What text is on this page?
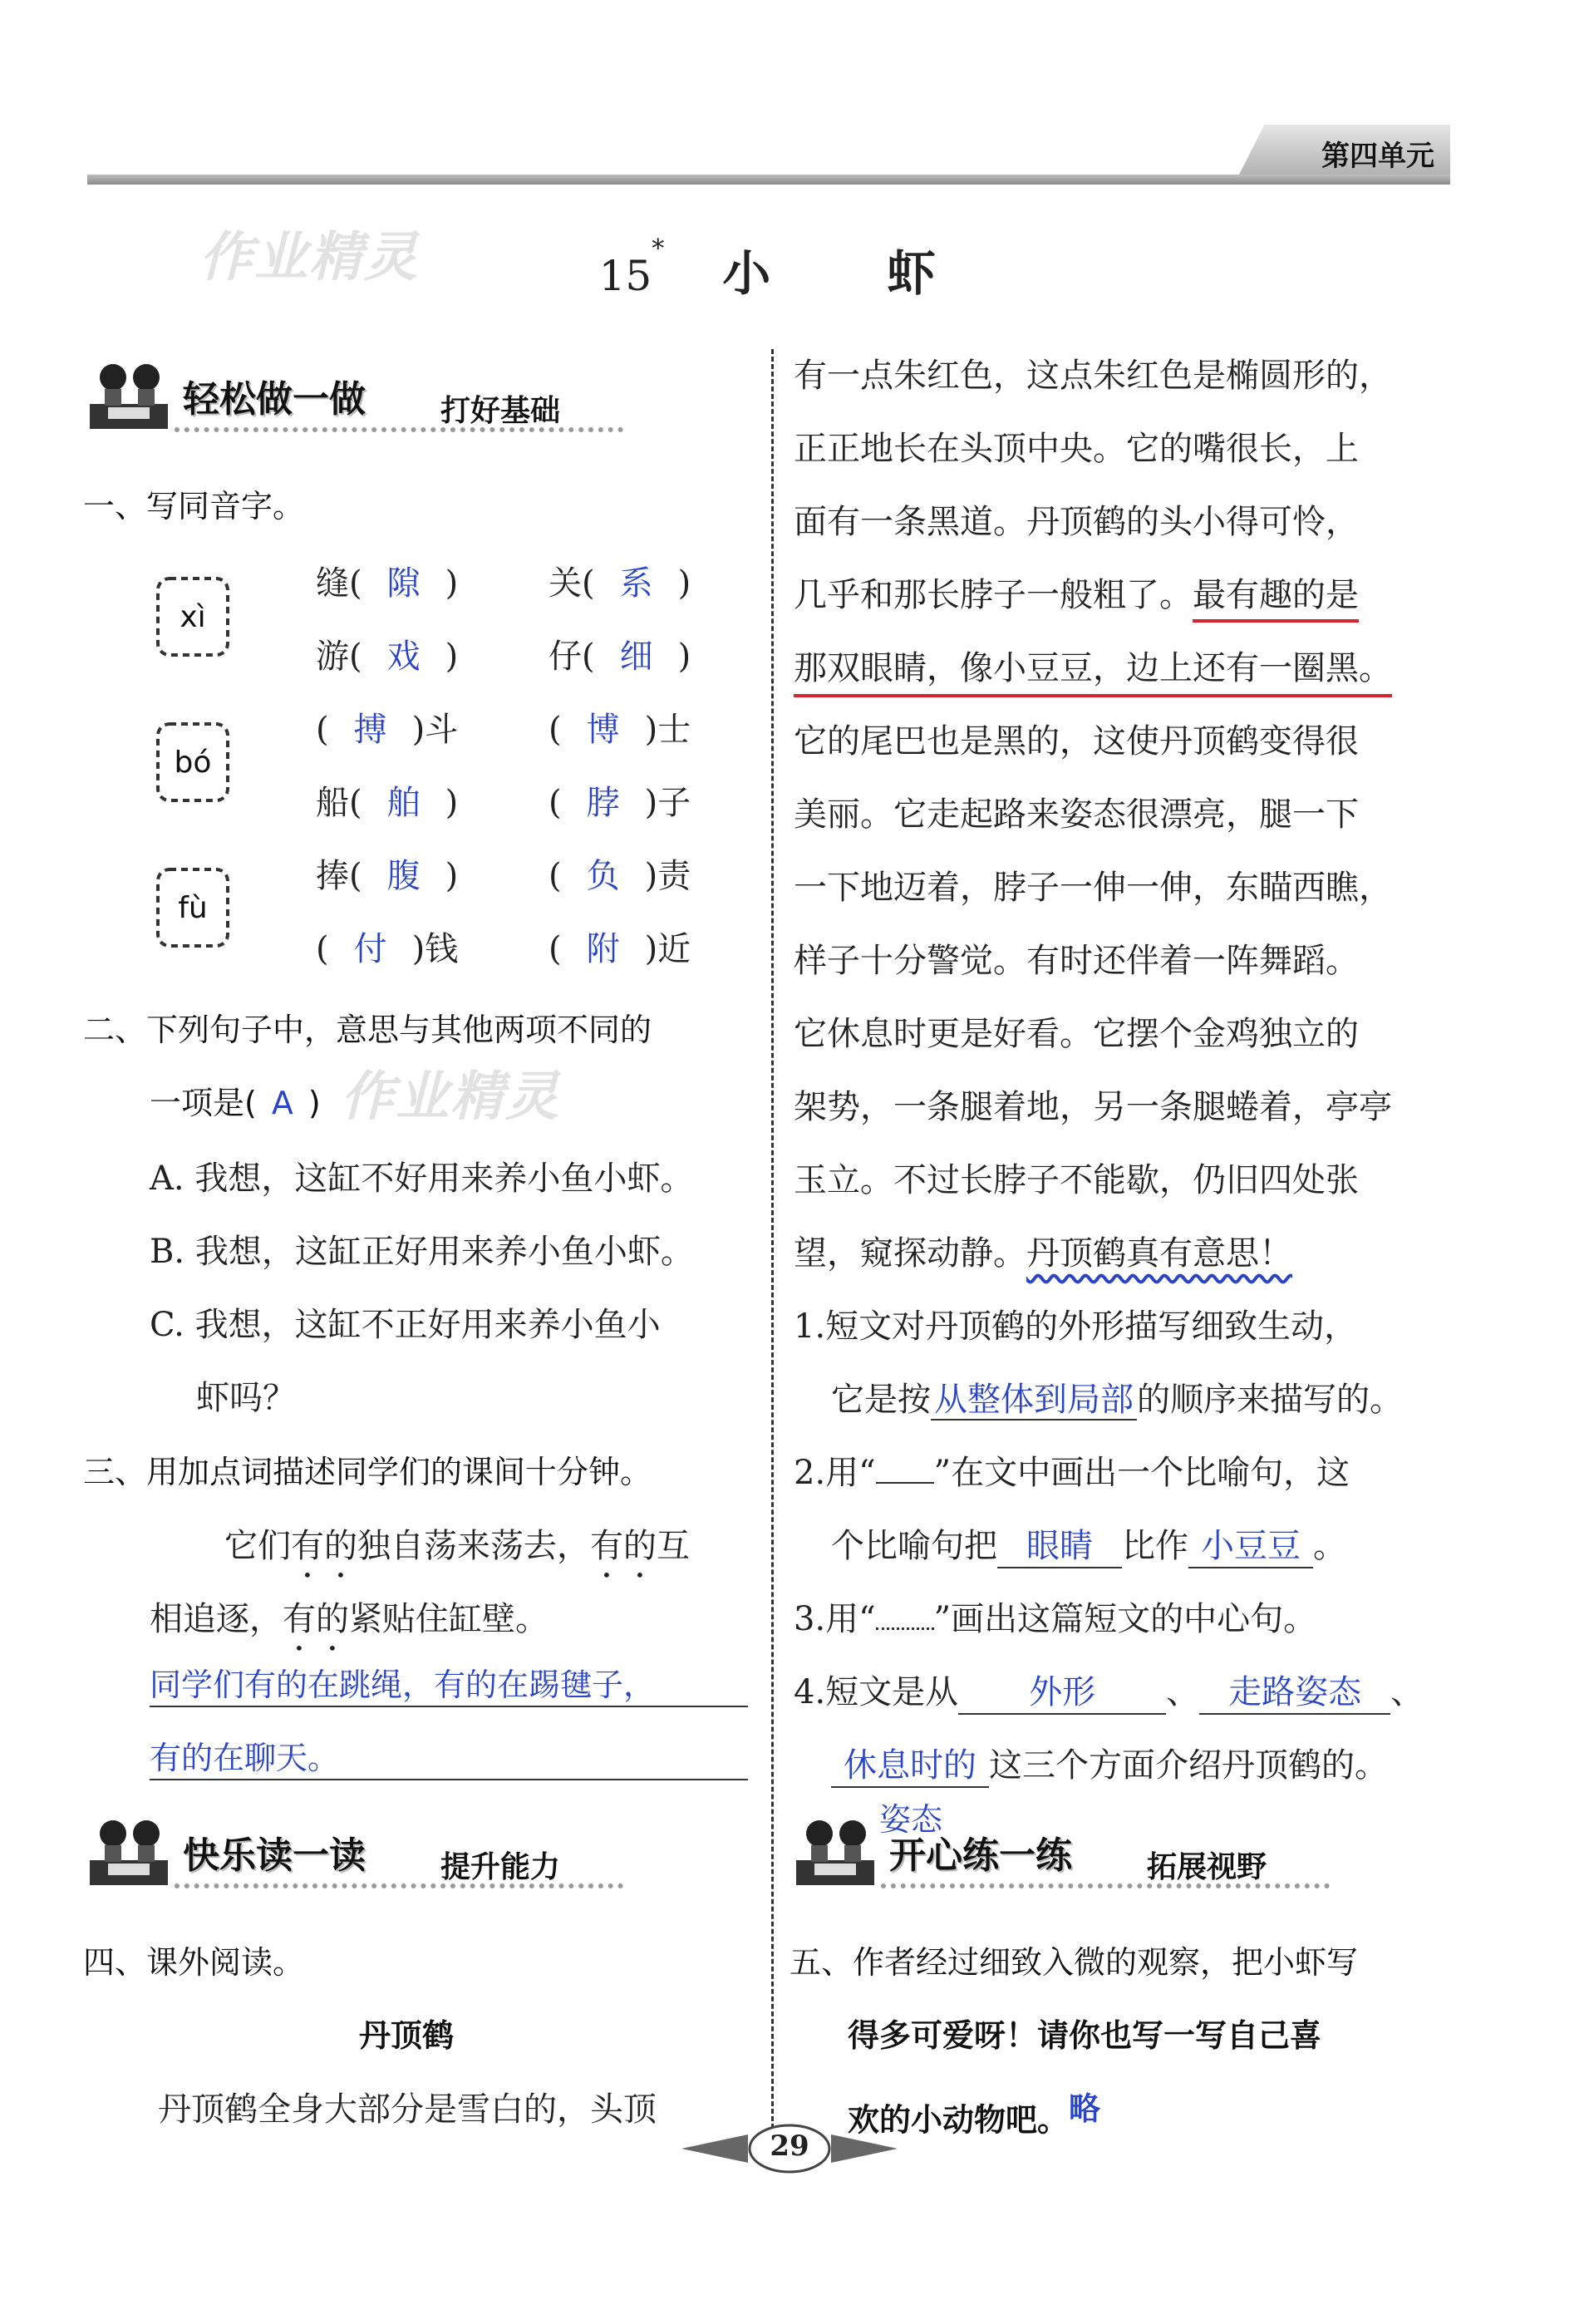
第四单元
作业精灵	15* 小 虾
轻松做一做	打好基础
一、写同音字。
xì
bó
fù
缝( 隙 )	关( 系 )
游( 戏 )	仔( 细 )
( 搏 )斗	( 博 )士
船( 舶 )	( 脖 )子
捧( 腹 )	( 负 )责
( 付 )钱	( 附 )近
二、下列句子中，意思与其他两项不同的
一项是( A ) 作业精灵
A. 我想，这缸不好用来养小鱼小虾。
B. 我想，这缸正好用来养小鱼小虾。
C. 我想，这缸不正好用来养小鱼小
虾吗？
三、用加点词描述同学们的课间十分钟。
它们有的独自荡来荡去，有的互
相追逐，有的紧贴住缸壁。
同学们有的在跳绳，有的在踢毽子，
有的在聊天。
快乐读一读	提升能力
四、课外阅读。
丹顶鹤
丹顶鹤全身大部分是雪白的，头顶
有一点朱红色，这点朱红色是椭圆形的，
正正地长在头顶中央。它的嘴很长，上
面有一条黑道。丹顶鹤的头小得可怜，
几乎和那长脖子一般粗了。最有趣的是
那双眼睛，像小豆豆，边上还有一圈黑。
它的尾巴也是黑的，这使丹顶鹤变得很
美丽。它走起路来姿态很漂亮，腿一下
一下地迈着，脖子一伸一伸，东瞄西瞧，
样子十分警觉。有时还伴着一阵舞蹈。
它休息时更是好看。它摆个金鸡独立的
架势，一条腿着地，另一条腿蜷着，亭亭
玉立。不过长脖子不能歇，仍旧四处张
望，窥探动静。丹顶鹤真有意思！
1.短文对丹顶鹤的外形描写细致生动，
它是按 从整体到局部 的顺序来描写的。
2.用“ ”在文中画出一个比喻句，这
个比喻句把 眼睛 比作 小豆豆 。
3.用“ ”画出这篇短文的中心句。
4.短文是从 外形 、 走路姿态 、
休息时的 这三个方面介绍丹顶鹤的。
姿态
开心练一练	拓展视野
五、作者经过细致入微的观察，把小虾写
得多可爱呀！请你也写一写自己喜
欢的小动物吧。略
29
